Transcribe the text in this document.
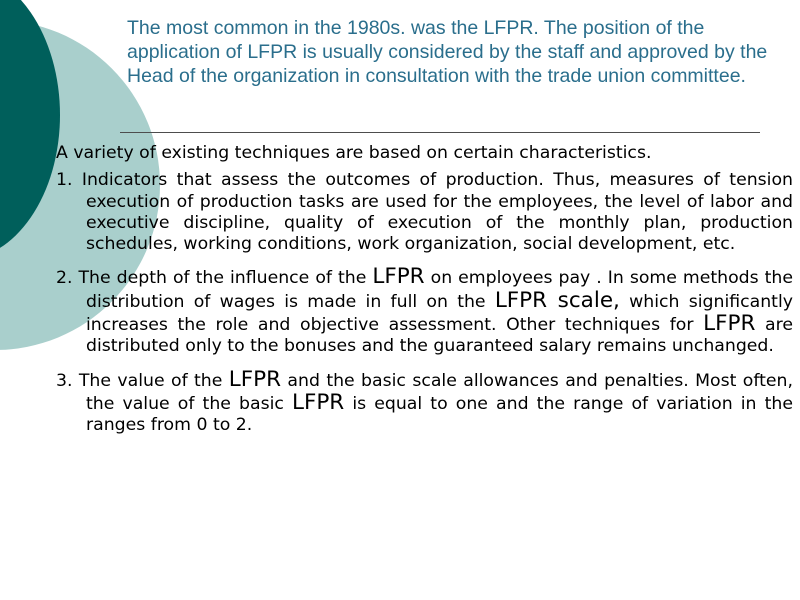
The most common in the 1980s. was the LFPR. The position of the application of LFPR is usually considered by the staff and approved by the Head of the organization in consultation with the trade union committee.

A variety of existing techniques are based on certain characteristics.

1. Indicators that assess the outcomes of production. Thus, measures of tension execution of production tasks are used for the employees, the level of labor and executive discipline, quality of execution of the monthly plan, production schedules, working conditions, work organization, social development, etc.

2. The depth of the influence of the LFPR on employees pay . In some methods the distribution of wages is made in full on the LFPR scale, which significantly increases the role and objective assessment. Other techniques for LFPR are distributed only to the bonuses and the guaranteed salary remains unchanged.

3. The value of the LFPR and the basic scale allowances and penalties. Most often, the value of the basic LFPR is equal to one and the range of variation in the ranges from 0 to 2.
